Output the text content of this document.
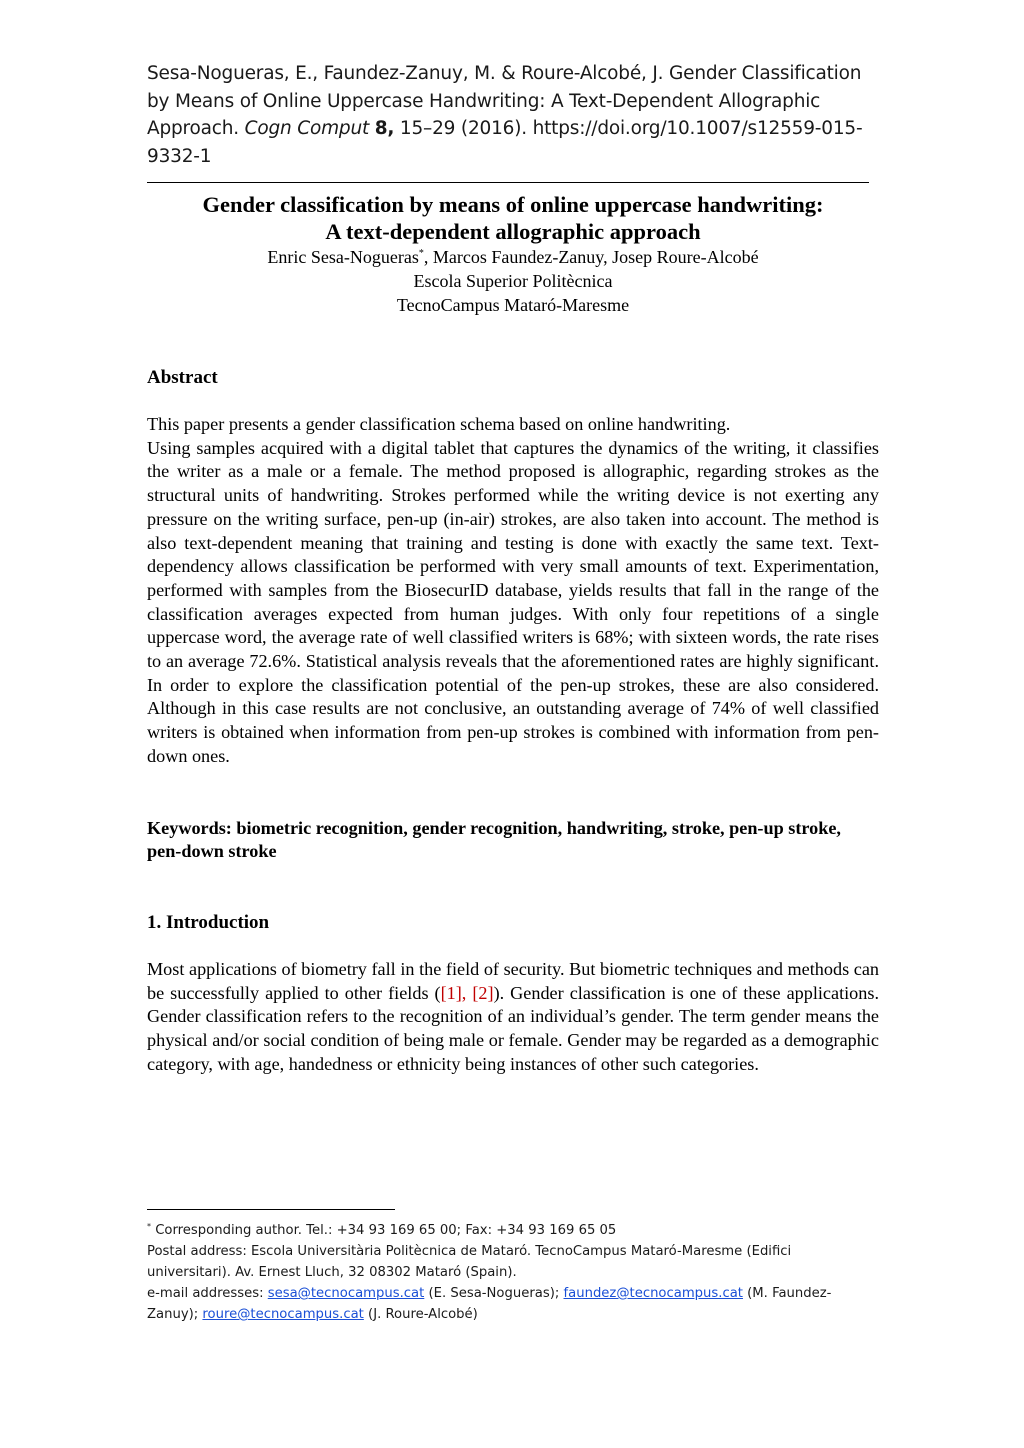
Sesa-Nogueras, E., Faundez-Zanuy, M. & Roure-Alcobé, J. Gender Classification by Means of Online Uppercase Handwriting: A Text-Dependent Allographic Approach. Cogn Comput 8, 15–29 (2016). https://doi.org/10.1007/s12559-015-9332-1

Gender classification by means of online uppercase handwriting:
A text-dependent allographic approach

Enric Sesa-Nogueras*, Marcos Faundez-Zanuy, Josep Roure-Alcobé

Escola Superior Politècnica

TecnoCampus Mataró-Maresme

Abstract

This paper presents a gender classification schema based on online handwriting.

Using samples acquired with a digital tablet that captures the dynamics of the writing, it classifies the writer as a male or a female. The method proposed is allographic, regarding strokes as the structural units of handwriting. Strokes performed while the writing device is not exerting any pressure on the writing surface, pen-up (in-air) strokes, are also taken into account. The method is also text-dependent meaning that training and testing is done with exactly the same text. Text-dependency allows classification be performed with very small amounts of text. Experimentation, performed with samples from the BiosecurID database, yields results that fall in the range of the classification averages expected from human judges. With only four repetitions of a single uppercase word, the average rate of well classified writers is 68%; with sixteen words, the rate rises to an average 72.6%. Statistical analysis reveals that the aforementioned rates are highly significant. In order to explore the classification potential of the pen-up strokes, these are also considered. Although in this case results are not conclusive, an outstanding average of 74% of well classified writers is obtained when information from pen-up strokes is combined with information from pen-down ones.

Keywords: biometric recognition, gender recognition, handwriting, stroke, pen-up stroke, pen-down stroke

1. Introduction

Most applications of biometry fall in the field of security. But biometric techniques and methods can be successfully applied to other fields ([1], [2]). Gender classification is one of these applications. Gender classification refers to the recognition of an individual’s gender. The term gender means the physical and/or social condition of being male or female. Gender may be regarded as a demographic category, with age, handedness or ethnicity being instances of other such categories.

* Corresponding author. Tel.: +34 93 169 65 00; Fax: +34 93 169 65 05

Postal address: Escola Universitària Politècnica de Mataró. TecnoCampus Mataró-Maresme (Edifici universitari). Av. Ernest Lluch, 32 08302 Mataró (Spain).

e-mail addresses: sesa@tecnocampus.cat (E. Sesa-Nogueras); faundez@tecnocampus.cat (M. Faundez-Zanuy); roure@tecnocampus.cat (J. Roure-Alcobé)
